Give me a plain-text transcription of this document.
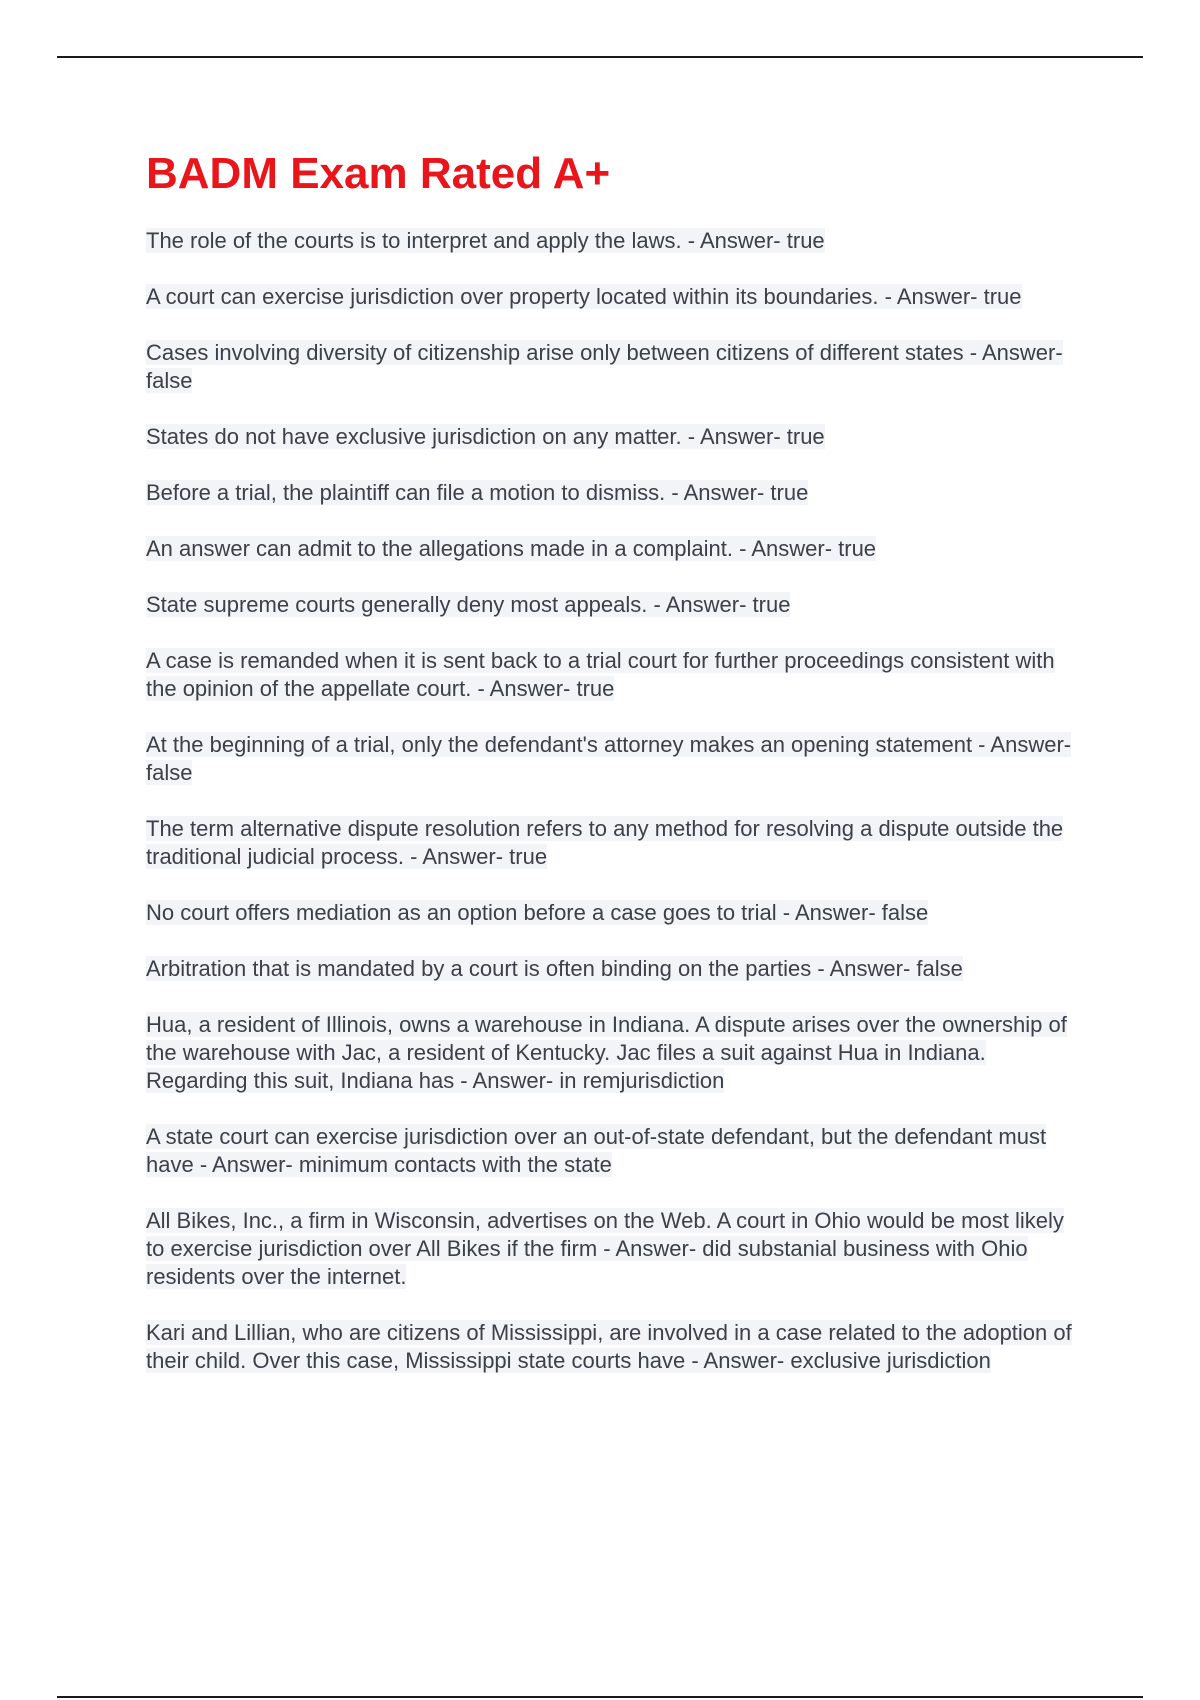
BADM Exam Rated A+
The role of the courts is to interpret and apply the laws. - Answer- true
A court can exercise jurisdiction over property located within its boundaries. - Answer- true
Cases involving diversity of citizenship arise only between citizens of different states - Answer- false
States do not have exclusive jurisdiction on any matter. - Answer- true
Before a trial, the plaintiff can file a motion to dismiss. - Answer- true
An answer can admit to the allegations made in a complaint. - Answer- true
State supreme courts generally deny most appeals. - Answer- true
A case is remanded when it is sent back to a trial court for further proceedings consistent with the opinion of the appellate court. - Answer- true
At the beginning of a trial, only the defendant's attorney makes an opening statement - Answer- false
The term alternative dispute resolution refers to any method for resolving a dispute outside the traditional judicial process. - Answer- true
No court offers mediation as an option before a case goes to trial - Answer- false
Arbitration that is mandated by a court is often binding on the parties - Answer- false
Hua, a resident of Illinois, owns a warehouse in Indiana. A dispute arises over the ownership of the warehouse with Jac, a resident of Kentucky. Jac files a suit against Hua in Indiana. Regarding this suit, Indiana has - Answer- in remjurisdiction
A state court can exercise jurisdiction over an out-of-state defendant, but the defendant must have - Answer- minimum contacts with the state
All Bikes, Inc., a firm in Wisconsin, advertises on the Web. A court in Ohio would be most likely to exercise jurisdiction over All Bikes if the firm - Answer- did substanial business with Ohio residents over the internet.
Kari and Lillian, who are citizens of Mississippi, are involved in a case related to the adoption of their child. Over this case, Mississippi state courts have - Answer- exclusive jurisdiction
